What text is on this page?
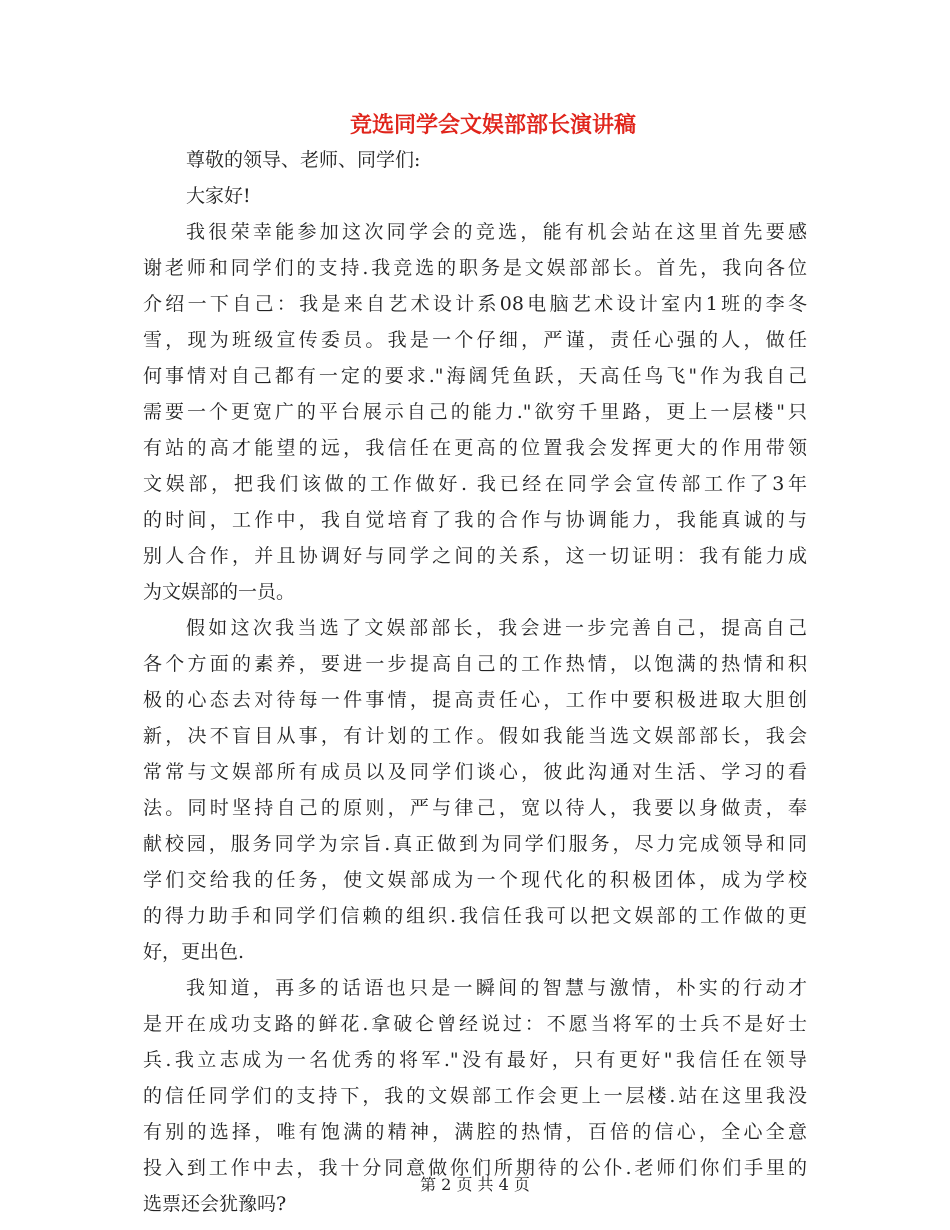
竞选同学会文娱部部长演讲稿
尊敬的领导、老师、同学们:
大家好!
我很荣幸能参加这次同学会的竞选，能有机会站在这里首先要感
谢老师和同学们的支持.我竞选的职务是文娱部部长。首先，我向各位
介绍一下自己：我是来自艺术设计系08电脑艺术设计室内1班的李冬
雪，现为班级宣传委员。我是一个仔细，严谨，责任心强的人，做任
何事情对自己都有一定的要求."海阔凭鱼跃，天高任鸟飞"作为我自己
需要一个更宽广的平台展示自己的能力."欲穷千里路，更上一层楼"只
有站的高才能望的远，我信任在更高的位置我会发挥更大的作用带领
文娱部，把我们该做的工作做好. 我已经在同学会宣传部工作了3年
的时间，工作中，我自觉培育了我的合作与协调能力，我能真诚的与
别人合作，并且协调好与同学之间的关系，这一切证明：我有能力成
为文娱部的一员。
假如这次我当选了文娱部部长，我会进一步完善自己，提高自己
各个方面的素养，要进一步提高自己的工作热情，以饱满的热情和积
极的心态去对待每一件事情，提高责任心，工作中要积极进取大胆创
新，决不盲目从事，有计划的工作。假如我能当选文娱部部长，我会
常常与文娱部所有成员以及同学们谈心，彼此沟通对生活、学习的看
法。同时坚持自己的原则，严与律己，宽以待人，我要以身做责，奉
献校园，服务同学为宗旨.真正做到为同学们服务，尽力完成领导和同
学们交给我的任务，使文娱部成为一个现代化的积极团体，成为学校
的得力助手和同学们信赖的组织.我信任我可以把文娱部的工作做的更
好，更出色.
我知道，再多的话语也只是一瞬间的智慧与激情，朴实的行动才
是开在成功支路的鲜花.拿破仑曾经说过：不愿当将军的士兵不是好士
兵.我立志成为一名优秀的将军."没有最好，只有更好"我信任在领导
的信任同学们的支持下，我的文娱部工作会更上一层楼.站在这里我没
有别的选择，唯有饱满的精神，满腔的热情，百倍的信心，全心全意
投入到工作中去，我十分同意做你们所期待的公仆.老师们你们手里的
选票还会犹豫吗?
第 2 页 共 4 页
